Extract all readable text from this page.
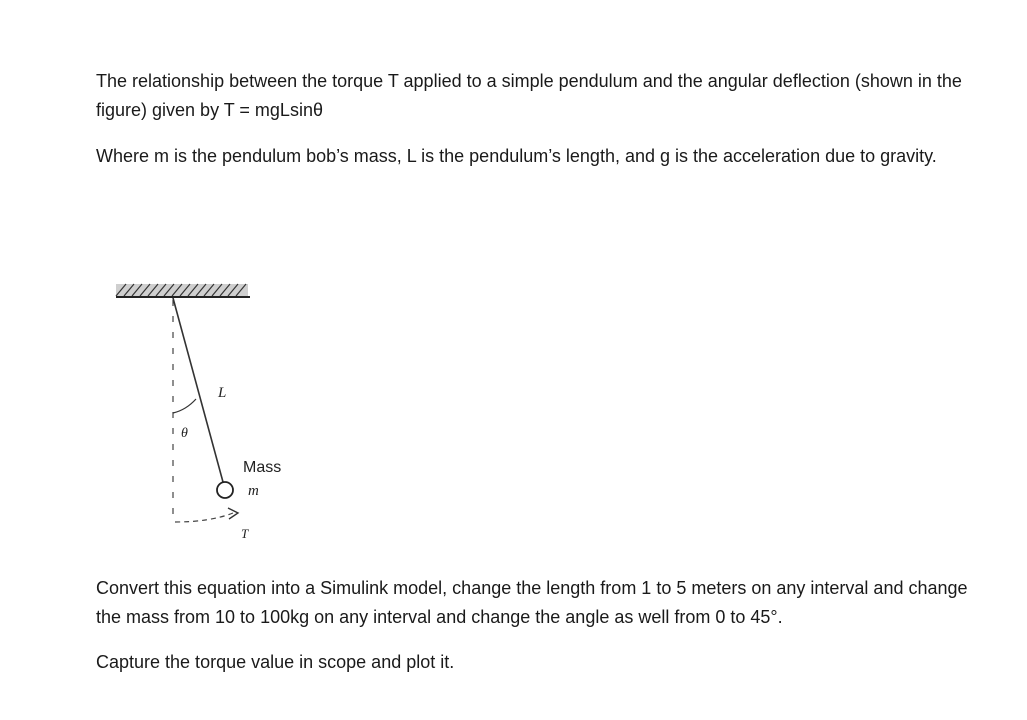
The relationship between the torque T applied to a simple pendulum and the angular deflection (shown in the figure) given by T = mgLsinθ

Where m is the pendulum bob’s mass, L is the pendulum’s length, and g is the acceleration due to gravity.

L
θ
Mass
m
T

Convert this equation into a Simulink model, change the length from 1 to 5 meters on any interval and change the mass from 10 to 100kg on any interval and change the angle as well from 0 to 45°.

Capture the torque value in scope and plot it.
